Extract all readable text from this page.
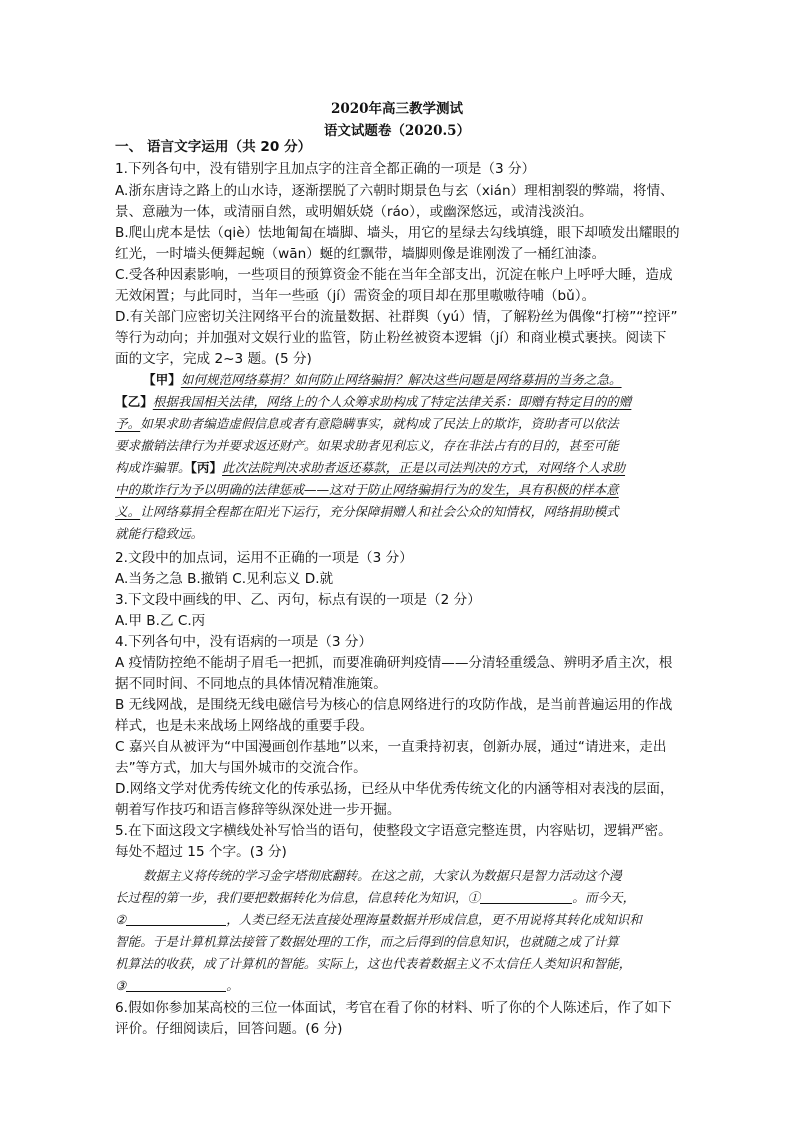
2020年高三教学测试
语文试题卷（2020.5）
一、 语言文字运用（共 20 分）
1.下列各句中，没有错别字且加点字的注音全都正确的一项是（3 分）
A.浙东唐诗之路上的山水诗，逐渐摆脱了六朝时期景色与玄（xián）理相割裂的弊端，将情、
景、意融为一体，或清丽自然，或明媚妖娆（ráo），或幽深悠远，或清浅淡泊。
B.爬山虎本是怯（qiè）怯地匍匐在墙脚、墙头，用它的星绿去勾线填缝，眼下却喷发出耀眼的
红光，一时墙头便舞起蜿（wān）蜒的红飘带，墙脚则像是谁刚泼了一桶红油漆。
C.受各种因素影响，一些项目的预算资金不能在当年全部支出，沉淀在帐户上呼呼大睡，造成
无效闲置；与此同时，当年一些亟（jí）需资金的项目却在那里嗷嗷待哺（bǔ）。
D.有关部门应密切关注网络平台的流量数据、社群舆（yú）情，了解粉丝为偶像“打榜”“控评”
等行为动向；并加强对文娱行业的监管，防止粉丝被资本逻辑（jí）和商业模式裹挟。阅读下
面的文字，完成 2~3 题。(5 分)
【甲】如何规范网络募捐？如何防止网络骗捐？解决这些问题是网络募捐的当务之急。
【乙】根据我国相关法律，网络上的个人众筹求助构成了特定法律关系：即赠有特定目的的赠
予。如果求助者编造虚假信息或者有意隐瞒事实，就构成了民法上的欺诈，资助者可以依法
要求撤销法律行为并要求返还财产。如果求助者见利忘义，存在非法占有的目的，甚至可能
构成诈骗罪。【丙】此次法院判决求助者返还募款，正是以司法判决的方式，对网络个人求助
中的欺诈行为予以明确的法律惩戒——这对于防止网络骗捐行为的发生，具有积极的样本意
义。让网络募捐全程都在阳光下运行，充分保障捐赠人和社会公众的知情权，网络捐助模式
就能行稳致远。
2.文段中的加点词，运用不正确的一项是（3 分）
A.当务之急 B.撤销 C.见利忘义 D.就
3.下文段中画线的甲、乙、丙句，标点有误的一项是（2 分）
A.甲 B.乙 C.丙
4.下列各句中，没有语病的一项是（3 分）
A 疫情防控绝不能胡子眉毛一把抓，而要准确研判疫情——分清轻重缓急、辨明矛盾主次，根
据不同时间、不同地点的具体情况精准施策。
B 无线网战，是围绕无线电磁信号为核心的信息网络进行的攻防作战，是当前普遍运用的作战
样式，也是未来战场上网络战的重要手段。
C 嘉兴自从被评为“中国漫画创作基地”以来，一直秉持初衷，创新办展，通过“请进来，走出
去”等方式，加大与国外城市的交流合作。
D.网络文学对优秀传统文化的传承弘扬，已经从中华优秀传统文化的内涵等相对表浅的层面，
朝着写作技巧和语言修辞等纵深处进一步开掘。
5.在下面这段文字横线处补写恰当的语句，使整段文字语意完整连贯，内容贴切，逻辑严密。
每处不超过 15 个字。(3 分)
数据主义将传统的学习金字塔彻底翻转。在这之前，大家认为数据只是智力活动这个漫
长过程的第一步，我们要把数据转化为信息，信息转化为知识，①	。而今天，
②	，人类已经无法直接处理海量数据并形成信息，更不用说将其转化成知识和
智能。于是计算机算法接管了数据处理的工作，而之后得到的信息知识，也就随之成了计算
机算法的收获，成了计算机的智能。实际上，这也代表着数据主义不太信任人类知识和智能，
③	。
6.假如你参加某高校的三位一体面试，考官在看了你的材料、听了你的个人陈述后，作了如下
评价。仔细阅读后，回答问题。(6 分)
